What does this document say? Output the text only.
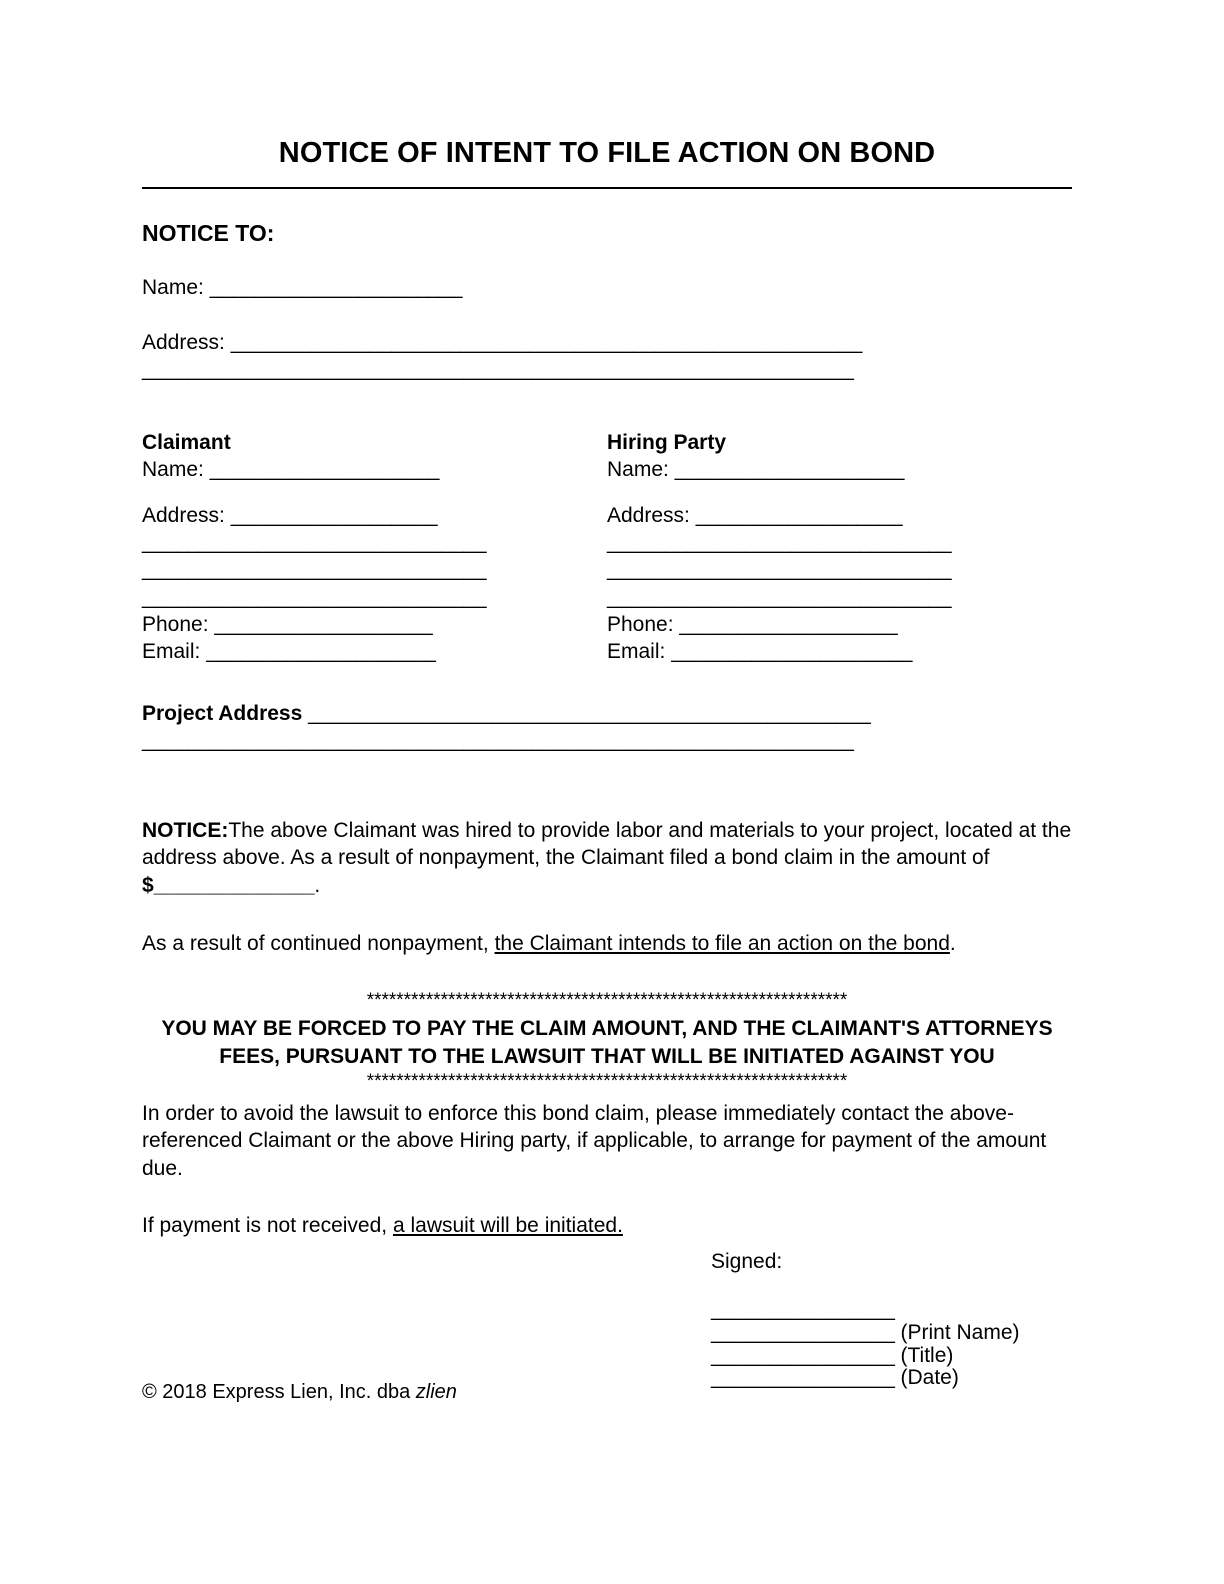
NOTICE OF INTENT TO FILE ACTION ON BOND
NOTICE TO:
Name: ______________________
Address: _______________________________________________________
______________________________________________________________
Claimant
Name: ____________________
Address: __________________
______________________________
______________________________
______________________________
Phone: ___________________
Email: ____________________
Hiring Party
Name: ____________________
Address: __________________
______________________________
______________________________
______________________________
Phone: ___________________
Email: _____________________
Project Address _________________________________________________
______________________________________________________________
NOTICE:The above Claimant was hired to provide labor and materials to your project, located at the address above. As a result of nonpayment, the Claimant filed a bond claim in the amount of $______________.
As a result of continued nonpayment, the Claimant intends to file an action on the bond.
*****************************************************************
YOU MAY BE FORCED TO PAY THE CLAIM AMOUNT, AND THE CLAIMANT'S ATTORNEYS FEES, PURSUANT TO THE LAWSUIT THAT WILL BE INITIATED AGAINST YOU
*****************************************************************
In order to avoid the lawsuit to enforce this bond claim, please immediately contact the above-referenced Claimant or the above Hiring party, if applicable, to arrange for payment of the amount due.
If payment is not received, a lawsuit will be initiated.
Signed:
________________
________________ (Print Name)
________________ (Title)
________________ (Date)
© 2018 Express Lien, Inc. dba zlien
